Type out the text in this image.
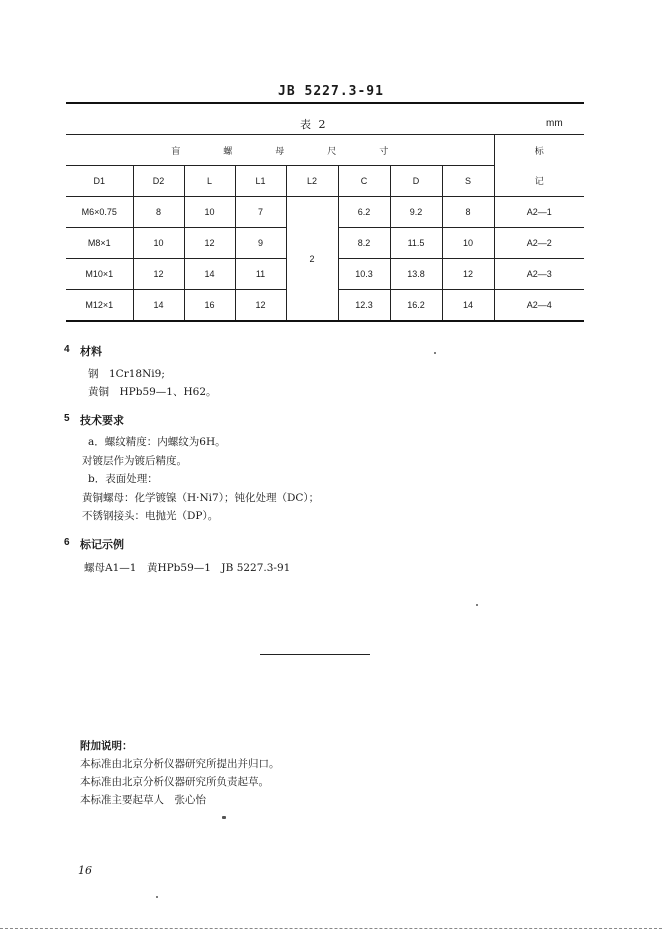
JB 5227.3-91
表 2	mm
盲 螺 母 尺 寸								标
D1	D2	L	L1	L2	C	D	S	记
M6×0.75	8	10	7	2	6.2	9.2	8	A2—1
M8×1	10	12	9		8.2	11.5	10	A2—2
M10×1	12	14	11		10.3	13.8	12	A2—3
M12×1	14	16	12		12.3	16.2	14	A2—4
4 材料
钢　1Cr18Ni9;
黄铜　HPb59—1、H62。
5 技术要求
a．螺纹精度：内螺纹为6H。
对镀层作为镀后精度。
b．表面处理：
黄铜螺母：化学镀镍（H·Ni7）；钝化处理（DC）；
不锈钢接头：电抛光（DP）。
6 标记示例
螺母A1—1　黄HPb59—1　JB 5227.3-91
附加说明：
本标准由北京分析仪器研究所提出并归口。
本标准由北京分析仪器研究所负责起草。
本标准主要起草人　张心怡
16
